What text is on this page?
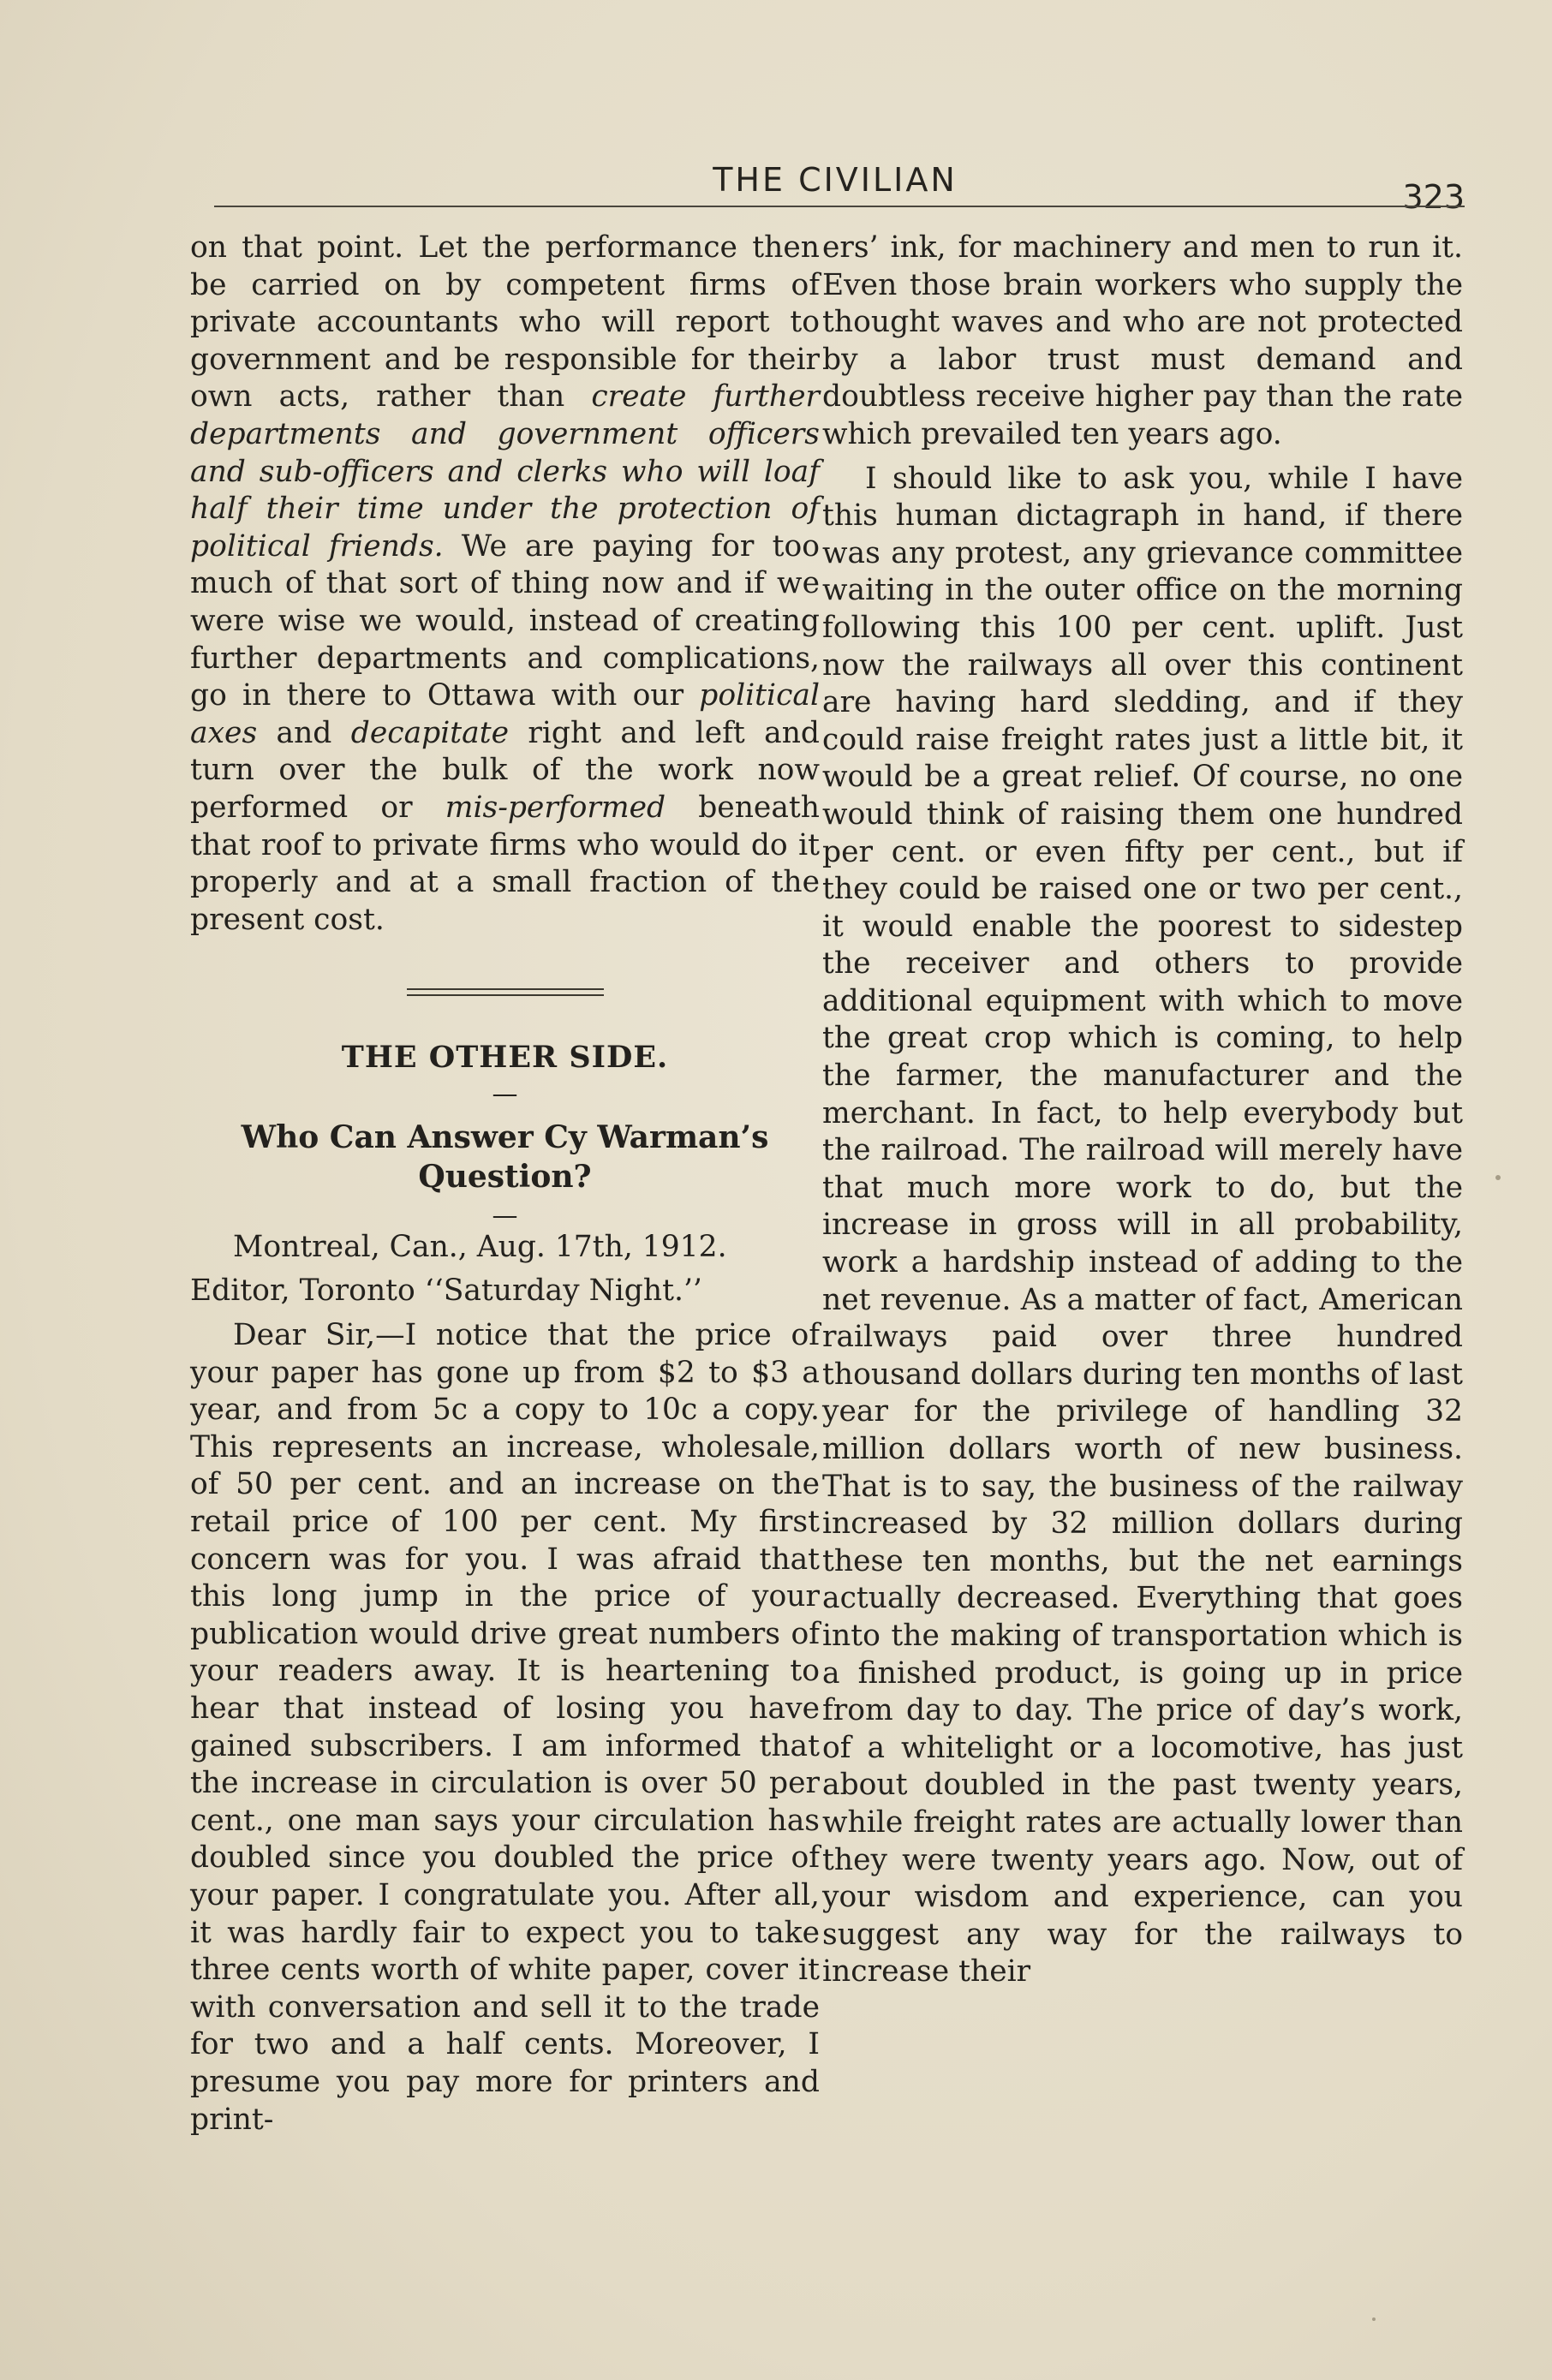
THE CIVILIAN	323

on that point. Let the performance then be carried on by competent firms of private accountants who will report to government and be responsible for their own acts, rather than create further departments and government officers and sub-officers and clerks who will loaf half their time under the protection of political friends. We are paying for too much of that sort of thing now and if we were wise we would, instead of creating further departments and complications, go in there to Ottawa with our political axes and decapitate right and left and turn over the bulk of the work now performed or mis-performed beneath that roof to private firms who would do it properly and at a small fraction of the present cost.

THE OTHER SIDE.
—
Who Can Answer Cy Warman’s Question?
—

Montreal, Can., Aug. 17th, 1912.

Editor, Toronto ‘‘Saturday Night.’’

Dear Sir,—I notice that the price of your paper has gone up from $2 to $3 a year, and from 5c a copy to 10c a copy. This represents an increase, wholesale, of 50 per cent. and an increase on the retail price of 100 per cent. My first concern was for you. I was afraid that this long jump in the price of your publication would drive great numbers of your readers away. It is heartening to hear that instead of losing you have gained subscribers. I am informed that the increase in circulation is over 50 per cent., one man says your circulation has doubled since you doubled the price of your paper. I congratulate you. After all, it was hardly fair to expect you to take three cents worth of white paper, cover it with conversation and sell it to the trade for two and a half cents. Moreover, I presume you pay more for printers and print-

ers’ ink, for machinery and men to run it. Even those brain workers who supply the thought waves and who are not protected by a labor trust must demand and doubtless receive higher pay than the rate which prevailed ten years ago.

I should like to ask you, while I have this human dictagraph in hand, if there was any protest, any grievance committee waiting in the outer office on the morning following this 100 per cent. uplift. Just now the railways all over this continent are having hard sledding, and if they could raise freight rates just a little bit, it would be a great relief. Of course, no one would think of raising them one hundred per cent. or even fifty per cent., but if they could be raised one or two per cent., it would enable the poorest to sidestep the receiver and others to provide additional equipment with which to move the great crop which is coming, to help the farmer, the manufacturer and the merchant. In fact, to help everybody but the railroad. The railroad will merely have that much more work to do, but the increase in gross will in all probability, work a hardship instead of adding to the net revenue. As a matter of fact, American railways paid over three hundred thousand dollars during ten months of last year for the privilege of handling 32 million dollars worth of new business. That is to say, the business of the railway increased by 32 million dollars during these ten months, but the net earnings actually decreased. Everything that goes into the making of transportation which is a finished product, is going up in price from day to day. The price of day’s work, of a whitelight or a locomotive, has just about doubled in the past twenty years, while freight rates are actually lower than they were twenty years ago. Now, out of your wisdom and experience, can you suggest any way for the railways to increase their
